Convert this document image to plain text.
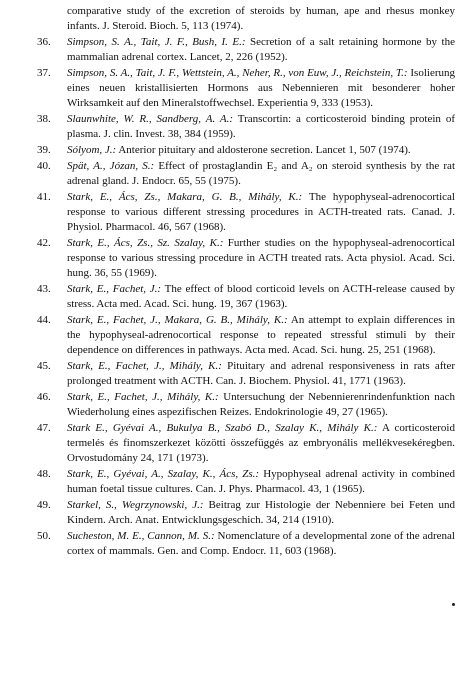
comparative study of the excretion of steroids by human, ape and rhesus monkey infants. J. Steroid. Bioch. 5, 113 (1974).

36.	Simpson, S. A., Tait, J. F., Bush, I. E.: Secretion of a salt retaining hormone by the mammalian adrenal cortex. Lancet, 2, 226 (1952).
37.	Simpson, S. A., Tait, J. F., Wettstein, A., Neher, R., von Euw, J., Reichstein, T.: Isolierung eines neuen kristallisierten Hormons aus Nebennieren mit besonderer hoher Wirksamkeit auf den Mineralstoffwechsel. Experientia 9, 333 (1953).
38.	Slaunwhite, W. R., Sandberg, A. A.: Transcortin: a corticosteroid binding protein of plasma. J. clin. Invest. 38, 384 (1959).
39.	Sólyom, J.: Anterior pituitary and aldosterone secretion. Lancet 1, 507 (1974).
40.	Spät, A., Józan, S.: Effect of prostaglandin E₂ and A₂ on steroid synthesis by the rat adrenal gland. J. Endocr. 65, 55 (1975).
41.	Stark, E., Ács, Zs., Makara, G. B., Mihály, K.: The hypophyseal-adrenocortical response to various different stressing procedures in ACTH-treated rats. Canad. J. Physiol. Pharmacol. 46, 567 (1968).
42.	Stark, E., Ács, Zs., Sz. Szalay, K.: Further studies on the hypophyseal-adrenocortical response to various stressing procedure in ACTH treated rats. Acta physiol. Acad. Sci. hung. 36, 55 (1969).
43.	Stark, E., Fachet, J.: The effect of blood corticoid levels on ACTH-release caused by stress. Acta med. Acad. Sci. hung. 19, 367 (1963).
44.	Stark, E., Fachet, J., Makara, G. B., Mihály, K.: An attempt to explain differences in the hypophyseal-adrenocortical response to repeated stressful stimuli by their dependence on differences in pathways. Acta med. Acad. Sci. hung. 25, 251 (1968).
45.	Stark, E., Fachet, J., Mihály, K.: Pituitary and adrenal responsiveness in rats after prolonged treatment with ACTH. Can. J. Biochem. Physiol. 41, 1771 (1963).
46.	Stark, E., Fachet, J., Mihály, K.: Untersuchung der Nebennierenrindenfunktion nach Wiederholung eines aspezifischen Reizes. Endokrinologie 49, 27 (1965).
47.	Stark E., Gyévai A., Bukulya B., Szabó D., Szalay K., Mihály K.: A corticosteroid termelés és finomszerkezet közötti összefüggés az embryonális mellékvesekéregben. Orvostudomány 24, 171 (1973).
48.	Stark, E., Gyévai, A., Szalay, K., Ács, Zs.: Hypophyseal adrenal activity in combined human foetal tissue cultures. Can. J. Phys. Pharmacol. 43, 1 (1965).
49.	Starkel, S., Wegrzynowski, J.: Beitrag zur Histologie der Nebenniere bei Feten und Kindern. Arch. Anat. Entwicklungsgeschich. 34, 214 (1910).
50.	Sucheston, M. E., Cannon, M. S.: Nomenclature of a developmental zone of the adrenal cortex of mammals. Gen. and Comp. Endocr. 11, 603 (1968).
